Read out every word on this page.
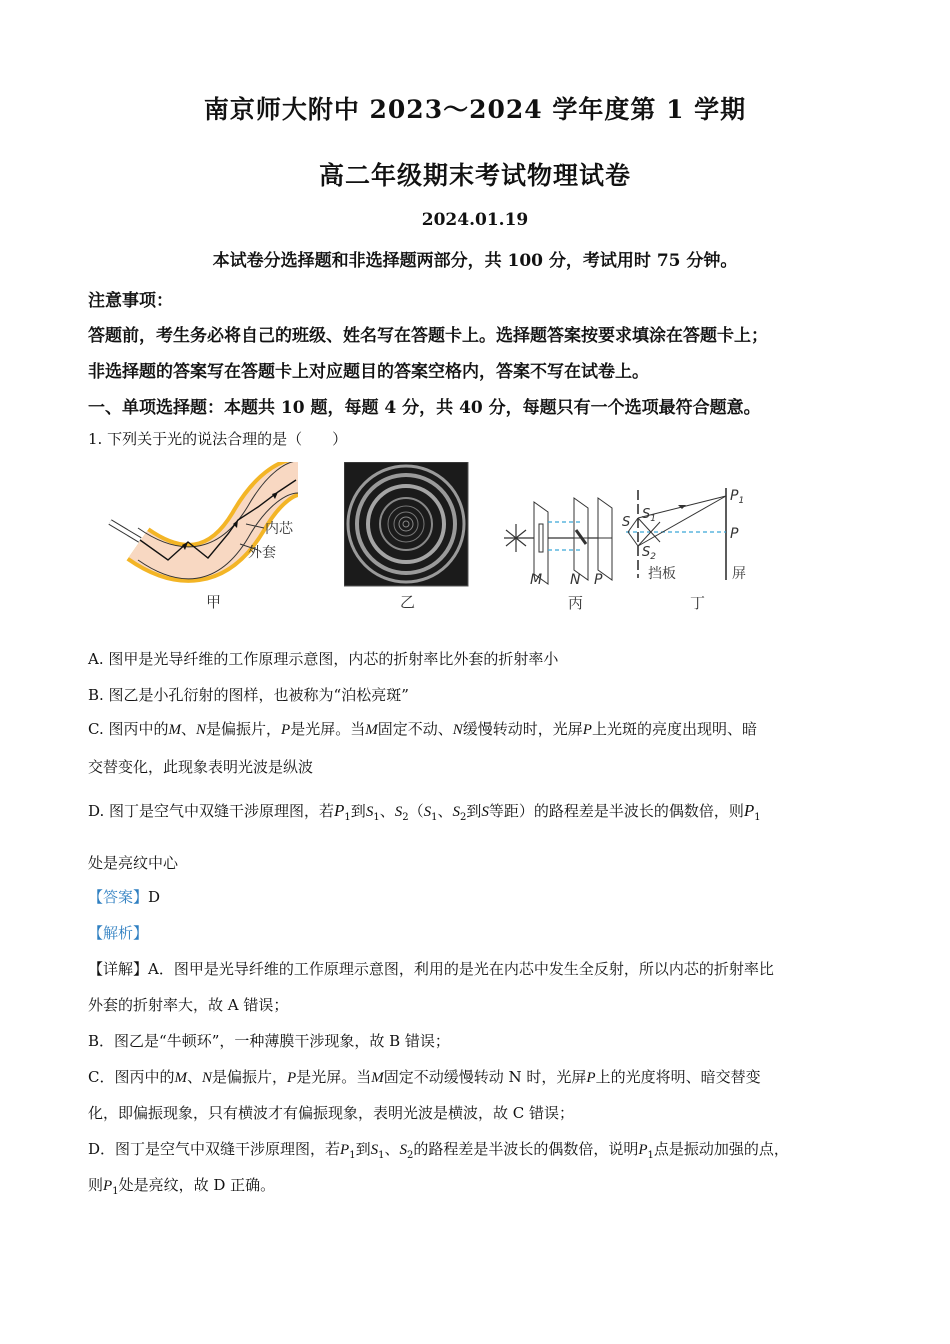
南京师大附中 2023～2024 学年度第 1 学期
高二年级期末考试物理试卷
2024.01.19
本试卷分选择题和非选择题两部分，共 100 分，考试用时 75 分钟。
注意事项：
答题前，考生务必将自己的班级、姓名写在答题卡上。选择题答案按要求填涂在答题卡上；
非选择题的答案写在答题卡上对应题目的答案空格内，答案不写在试卷上。
一、单项选择题：本题共 10 题，每题 4 分，共 40 分，每题只有一个选项最符合题意。
1. 下列关于光的说法合理的是（　　）
内芯
外套
甲	乙
M N P
丙
$P_1$
P
S
$S_1$
$S_2$
挡板	屏
丁
A. 图甲是光导纤维的工作原理示意图，内芯的折射率比外套的折射率小
B. 图乙是小孔衍射的图样，也被称为“泊松亮斑”
C. 图丙中的M、N是偏振片，P是光屏。当M固定不动、N缓慢转动时，光屏P上光斑的亮度出现明、暗
交替变化，此现象表明光波是纵波
D. 图丁是空气中双缝干涉原理图，若$P_1$到$S_1$、$S_2(S_1$、$S_2$到S等距）的路程差是半波长的偶数倍，则$P_1$
处是亮纹中心
【答案】D
【解析】
【详解】A．图甲是光导纤维的工作原理示意图，利用的是光在内芯中发生全反射，所以内芯的折射率比
外套的折射率大，故 A 错误；
B．图乙是“牛顿环”，一种薄膜干涉现象，故 B 错误；
C．图丙中的M、N是偏振片，P是光屏。当M固定不动缓慢转动 N 时，光屏P上的光度将明、暗交替变
化，即偏振现象，只有横波才有偏振现象，表明光波是横波，故 C 错误；
D．图丁是空气中双缝干涉原理图，若$P_1$到$S_1$、$S_2$的路程差是半波长的偶数倍，说明$P_1$点是振动加强的点，
则$P_1$处是亮纹，故 D 正确。
